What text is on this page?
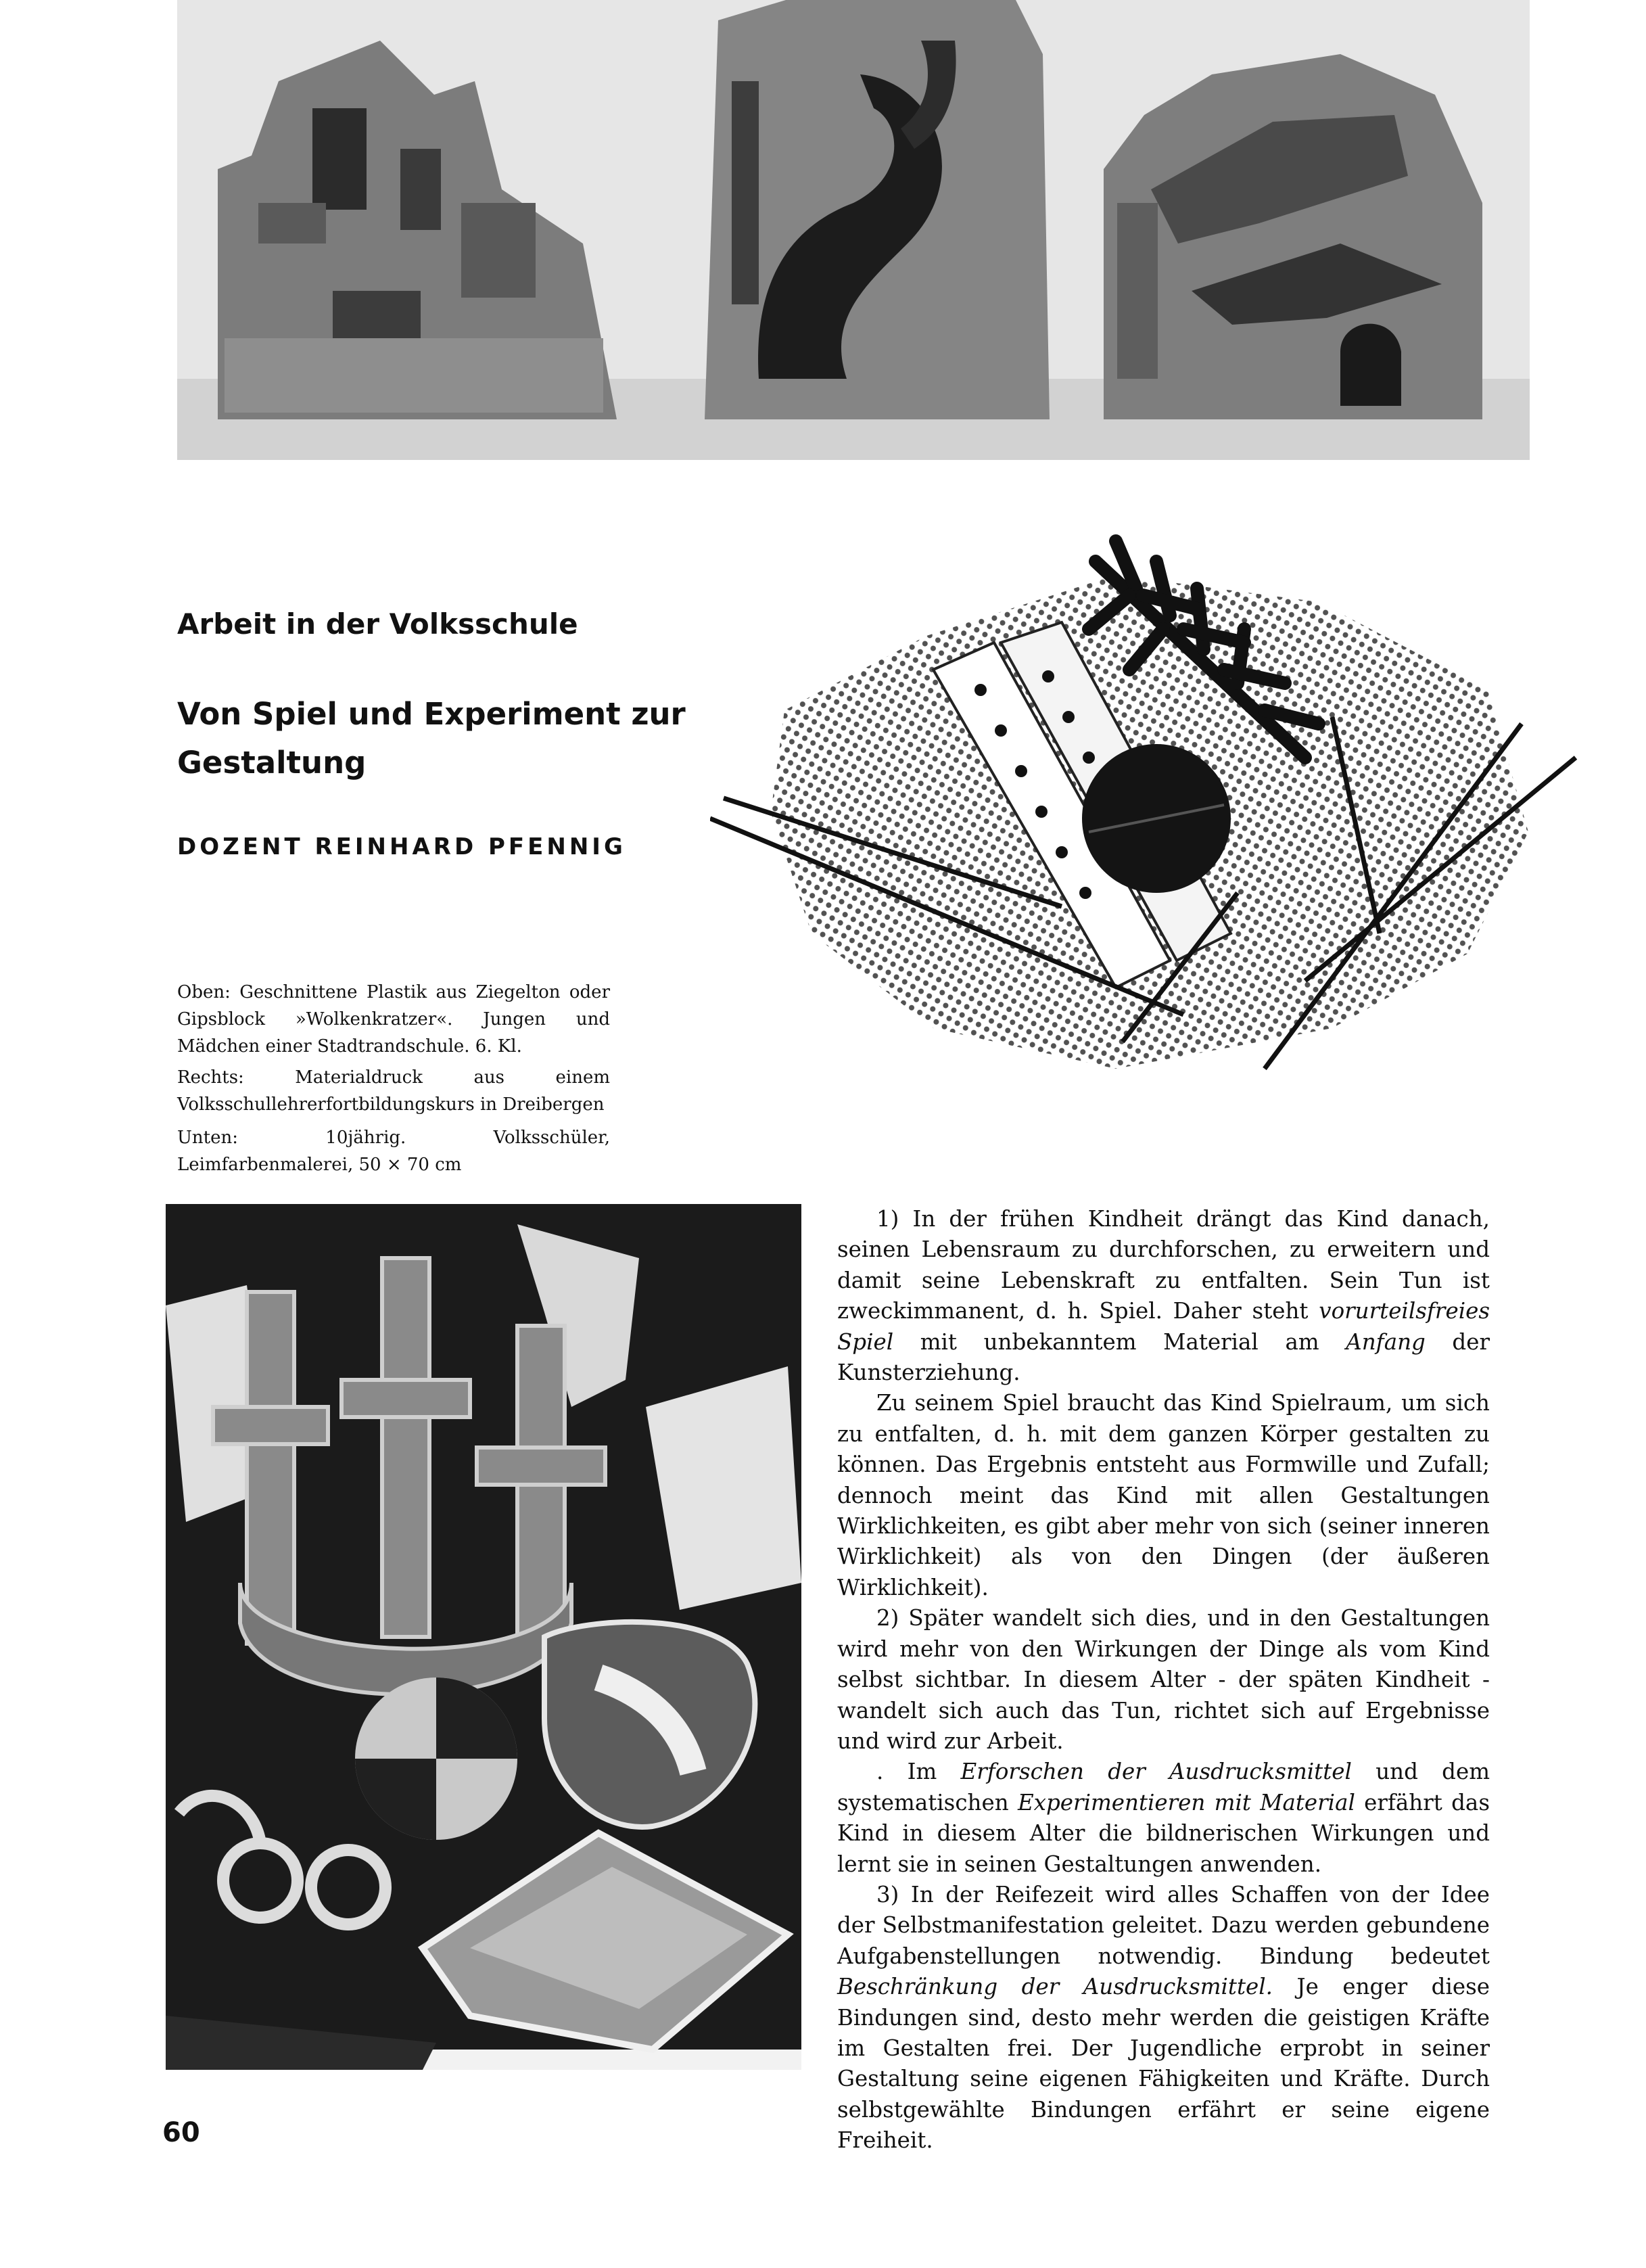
Arbeit in der Volksschule
Von Spiel und Experiment zur Gestaltung
DOZENT REINHARD PFENNIG

Oben: Geschnittene Plastik aus Ziegelton oder Gipsblock »Wolkenkratzer«. Jungen und Mädchen einer Stadtrandschule. 6. Kl.

Rechts: Materialdruck aus einem Volksschullehrerfortbildungskurs in Dreibergen

Unten: 10jährig. Volksschüler, Leimfarbenmalerei, 50 × 70 cm

1) In der frühen Kindheit drängt das Kind danach, seinen Lebensraum zu durchforschen, zu erweitern und damit seine Lebenskraft zu entfalten. Sein Tun ist zweckimmanent, d. h. Spiel. Daher steht vorurteilsfreies Spiel mit unbekanntem Material am Anfang der Kunsterziehung.

Zu seinem Spiel braucht das Kind Spielraum, um sich zu entfalten, d. h. mit dem ganzen Körper gestalten zu können. Das Ergebnis entsteht aus Formwille und Zufall; dennoch meint das Kind mit allen Gestaltungen Wirklichkeiten, es gibt aber mehr von sich (seiner inneren Wirklichkeit) als von den Dingen (der äußeren Wirklichkeit).

2) Später wandelt sich dies, und in den Gestaltungen wird mehr von den Wirkungen der Dinge als vom Kind selbst sichtbar. In diesem Alter - der späten Kindheit - wandelt sich auch das Tun, richtet sich auf Ergebnisse und wird zur Arbeit.

. Im Erforschen der Ausdrucksmittel und dem systematischen Experimentieren mit Material erfährt das Kind in diesem Alter die bildnerischen Wirkungen und lernt sie in seinen Gestaltungen anwenden.

3) In der Reifezeit wird alles Schaffen von der Idee der Selbstmanifestation geleitet. Dazu werden gebundene Aufgabenstellungen notwendig. Bindung bedeutet Beschränkung der Ausdrucksmittel. Je enger diese Bindungen sind, desto mehr werden die geistigen Kräfte im Gestalten frei. Der Jugendliche erprobt in seiner Gestaltung seine eigenen Fähigkeiten und Kräfte. Durch selbstgewählte Bindungen erfährt er seine eigene Freiheit.

60
